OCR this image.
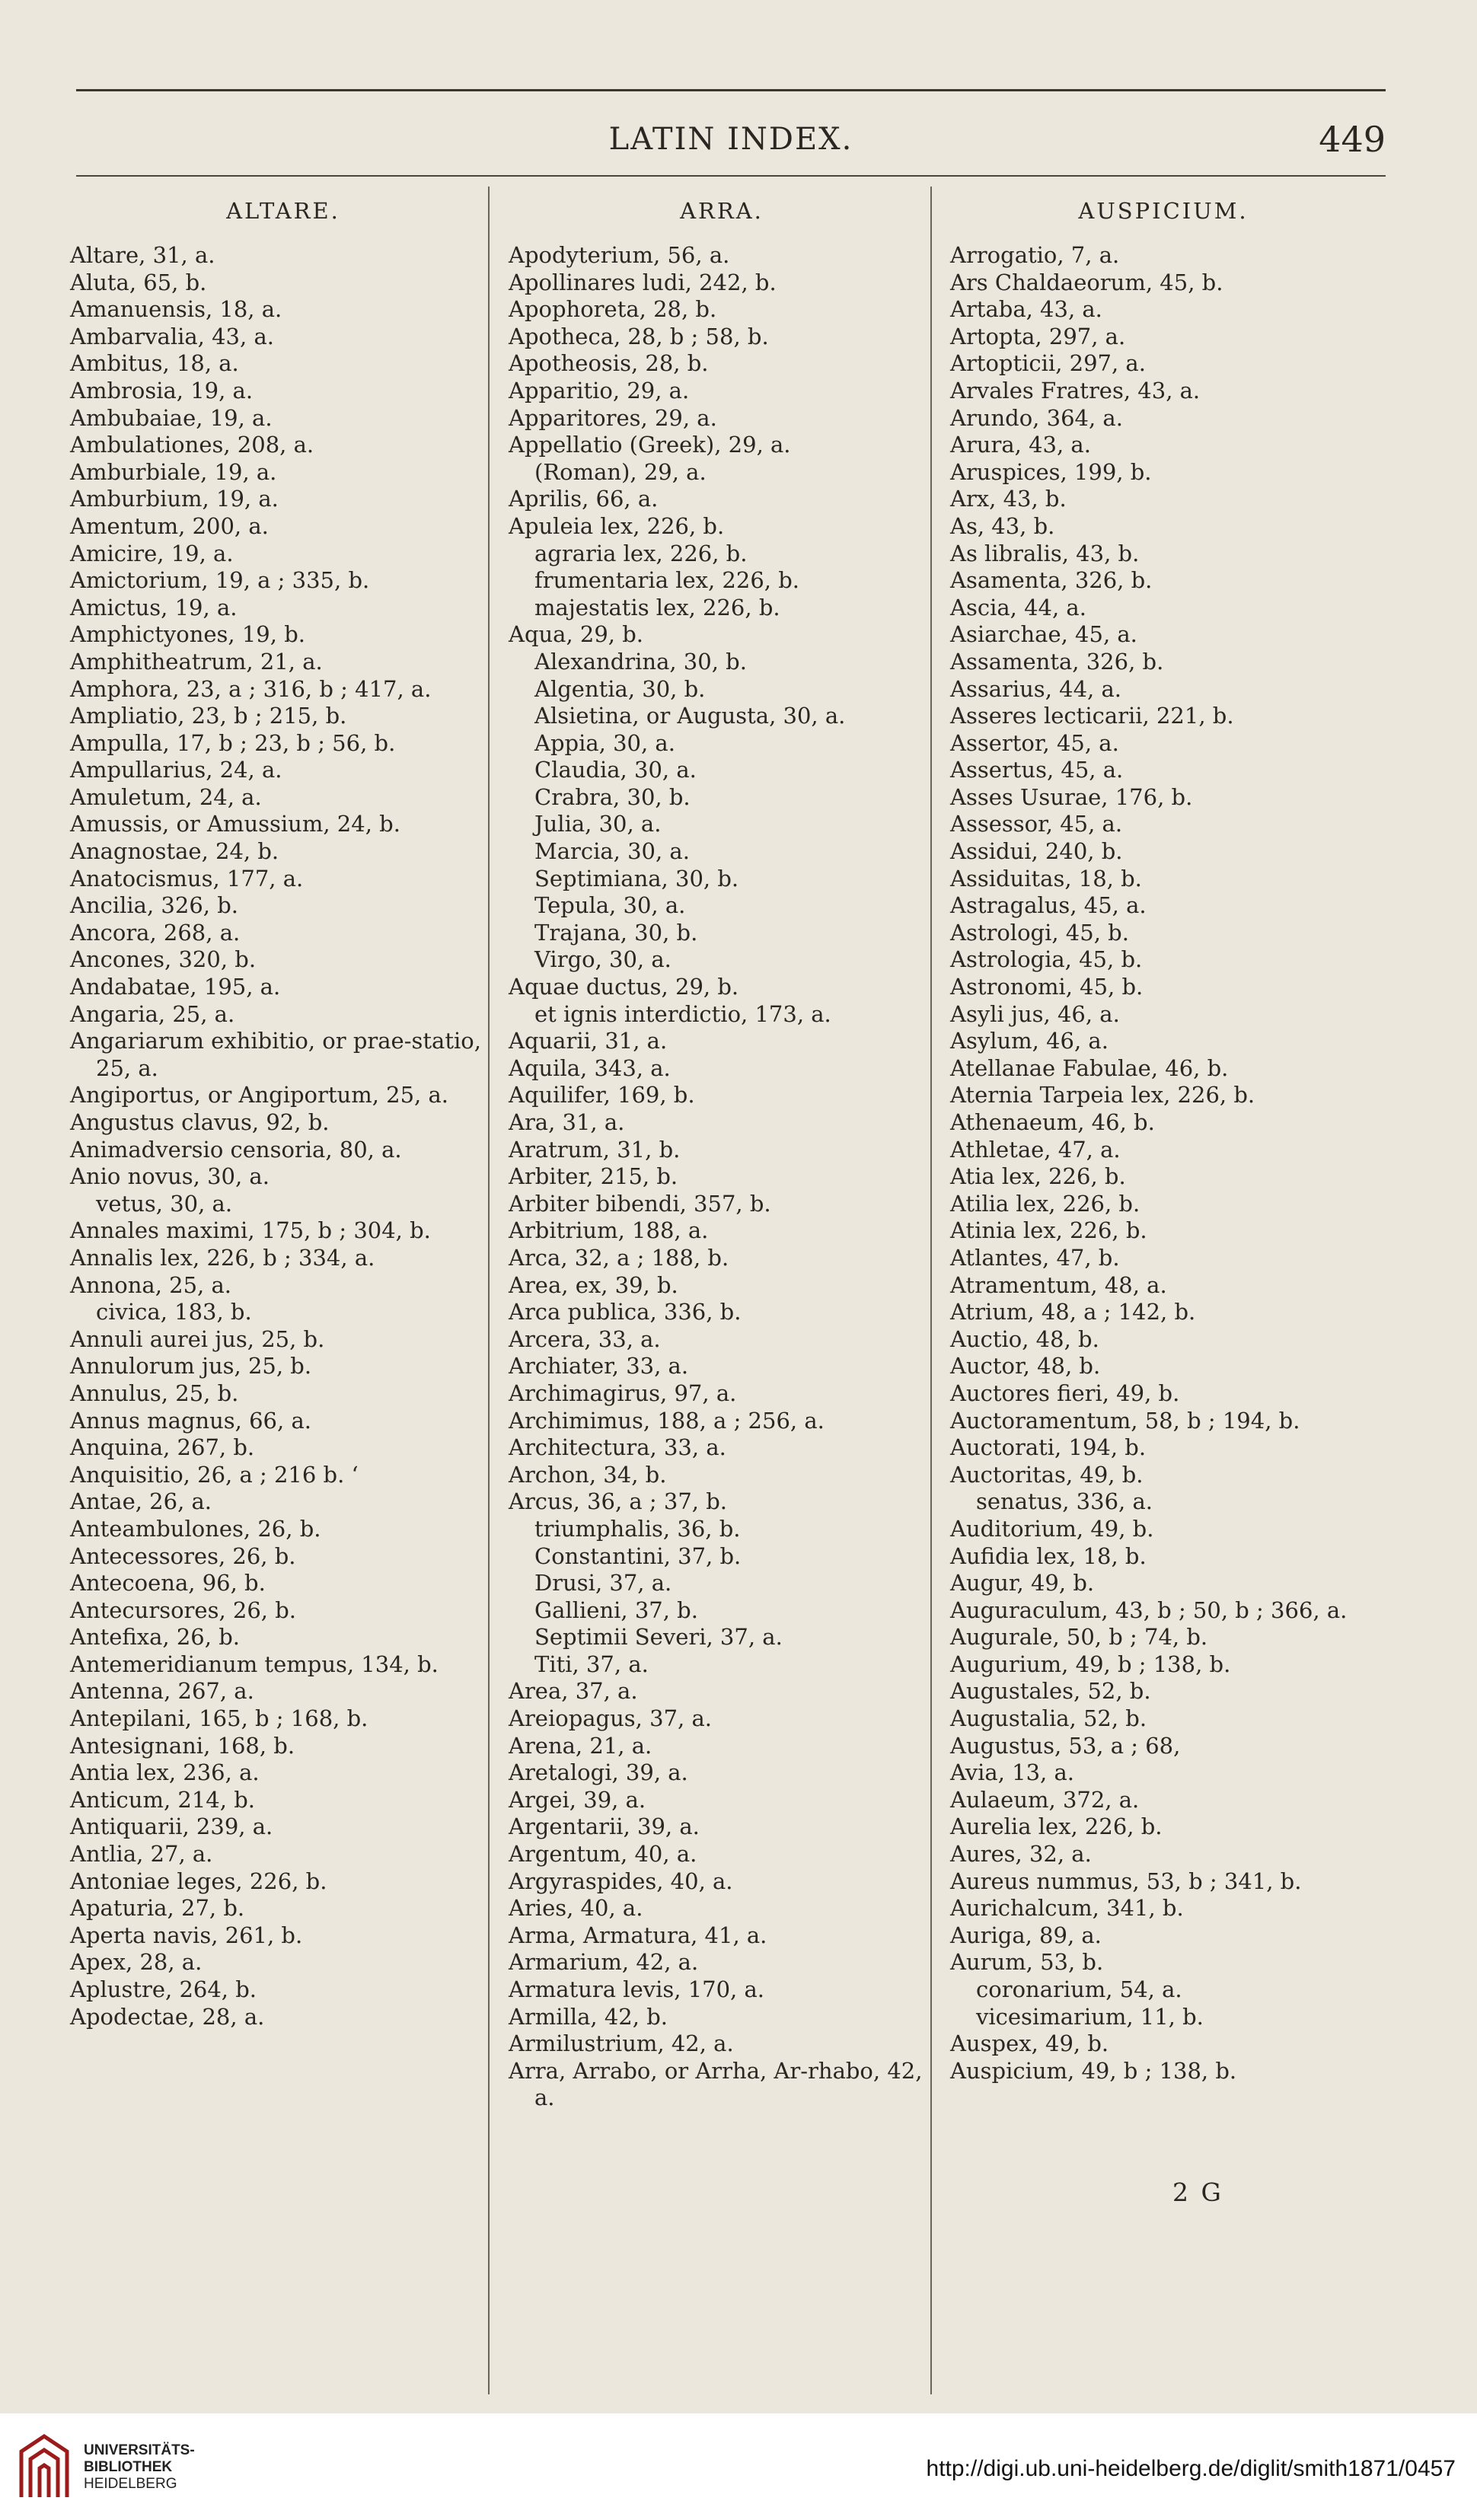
LATIN INDEX.	449
ALTARE.
Altare, 31, a.
Aluta, 65, b.
Amanuensis, 18, a.
Ambarvalia, 43, a.
Ambitus, 18, a.
Ambrosia, 19, a.
Ambubaiae, 19, a.
Ambulationes, 208, a.
Amburbiale, 19, a.
Amburbium, 19, a.
Amentum, 200, a.
Amicire, 19, a.
Amictorium, 19, a ; 335, b.
Amictus, 19, a.
Amphictyones, 19, b.
Amphitheatrum, 21, a.
Amphora, 23, a ; 316, b ; 417, a.
Ampliatio, 23, b ; 215, b.
Ampulla, 17, b ; 23, b ; 56, b.
Ampullarius, 24, a.
Amuletum, 24, a.
Amussis, or Amussium, 24, b.
Anagnostae, 24, b.
Anatocismus, 177, a.
Ancilia, 326, b.
Ancora, 268, a.
Ancones, 320, b.
Andabatae, 195, a.
Angaria, 25, a.
Angariarum exhibitio, or prae-statio, 25, a.
Angiportus, or Angiportum, 25, a.
Angustus clavus, 92, b.
Animadversio censoria, 80, a.
Anio novus, 30, a.
vetus, 30, a.
Annales maximi, 175, b ; 304, b.
Annalis lex, 226, b ; 334, a.
Annona, 25, a.
civica, 183, b.
Annuli aurei jus, 25, b.
Annulorum jus, 25, b.
Annulus, 25, b.
Annus magnus, 66, a.
Anquina, 267, b.
Anquisitio, 26, a ; 216 b. ‘
Antae, 26, a.
Anteambulones, 26, b.
Antecessores, 26, b.
Antecoena, 96, b.
Antecursores, 26, b.
Antefixa, 26, b.
Antemeridianum tempus, 134, b.
Antenna, 267, a.
Antepilani, 165, b ; 168, b.
Antesignani, 168, b.
Antia lex, 236, a.
Anticum, 214, b.
Antiquarii, 239, a.
Antlia, 27, a.
Antoniae leges, 226, b.
Apaturia, 27, b.
Aperta navis, 261, b.
Apex, 28, a.
Aplustre, 264, b.
Apodectae, 28, a.
ARRA.
Apodyterium, 56, a.
Apollinares ludi, 242, b.
Apophoreta, 28, b.
Apotheca, 28, b ; 58, b.
Apotheosis, 28, b.
Apparitio, 29, a.
Apparitores, 29, a.
Appellatio (Greek), 29, a.
(Roman), 29, a.
Aprilis, 66, a.
Apuleia lex, 226, b.
agraria lex, 226, b.
frumentaria lex, 226, b.
majestatis lex, 226, b.
Aqua, 29, b.
Alexandrina, 30, b.
Algentia, 30, b.
Alsietina, or Augusta, 30, a.
Appia, 30, a.
Claudia, 30, a.
Crabra, 30, b.
Julia, 30, a.
Marcia, 30, a.
Septimiana, 30, b.
Tepula, 30, a.
Trajana, 30, b.
Virgo, 30, a.
Aquae ductus, 29, b.
et ignis interdictio, 173, a.
Aquarii, 31, a.
Aquila, 343, a.
Aquilifer, 169, b.
Ara, 31, a.
Aratrum, 31, b.
Arbiter, 215, b.
Arbiter bibendi, 357, b.
Arbitrium, 188, a.
Arca, 32, a ; 188, b.
Area, ex, 39, b.
Arca publica, 336, b.
Arcera, 33, a.
Archiater, 33, a.
Archimagirus, 97, a.
Archimimus, 188, a ; 256, a.
Architectura, 33, a.
Archon, 34, b.
Arcus, 36, a ; 37, b.
triumphalis, 36, b.
Constantini, 37, b.
Drusi, 37, a.
Gallieni, 37, b.
Septimii Severi, 37, a.
Titi, 37, a.
Area, 37, a.
Areiopagus, 37, a.
Arena, 21, a.
Aretalogi, 39, a.
Argei, 39, a.
Argentarii, 39, a.
Argentum, 40, a.
Argyraspides, 40, a.
Aries, 40, a.
Arma, Armatura, 41, a.
Armarium, 42, a.
Armatura levis, 170, a.
Armilla, 42, b.
Armilustrium, 42, a.
Arra, Arrabo, or Arrha, Ar-rhabo, 42, a.
AUSPICIUM.
Arrogatio, 7, a.
Ars Chaldaeorum, 45, b.
Artaba, 43, a.
Artopta, 297, a.
Artopticii, 297, a.
Arvales Fratres, 43, a.
Arundo, 364, a.
Arura, 43, a.
Aruspices, 199, b.
Arx, 43, b.
As, 43, b.
As libralis, 43, b.
Asamenta, 326, b.
Ascia, 44, a.
Asiarchae, 45, a.
Assamenta, 326, b.
Assarius, 44, a.
Asseres lecticarii, 221, b.
Assertor, 45, a.
Assertus, 45, a.
Asses Usurae, 176, b.
Assessor, 45, a.
Assidui, 240, b.
Assiduitas, 18, b.
Astragalus, 45, a.
Astrologi, 45, b.
Astrologia, 45, b.
Astronomi, 45, b.
Asyli jus, 46, a.
Asylum, 46, a.
Atellanae Fabulae, 46, b.
Aternia Tarpeia lex, 226, b.
Athenaeum, 46, b.
Athletae, 47, a.
Atia lex, 226, b.
Atilia lex, 226, b.
Atinia lex, 226, b.
Atlantes, 47, b.
Atramentum, 48, a.
Atrium, 48, a ; 142, b.
Auctio, 48, b.
Auctor, 48, b.
Auctores fieri, 49, b.
Auctoramentum, 58, b ; 194, b.
Auctorati, 194, b.
Auctoritas, 49, b.
senatus, 336, a.
Auditorium, 49, b.
Aufidia lex, 18, b.
Augur, 49, b.
Auguraculum, 43, b ; 50, b ; 366, a.
Augurale, 50, b ; 74, b.
Augurium, 49, b ; 138, b.
Augustales, 52, b.
Augustalia, 52, b.
Augustus, 53, a ; 68,
Avia, 13, a.
Aulaeum, 372, a.
Aurelia lex, 226, b.
Aures, 32, a.
Aureus nummus, 53, b ; 341, b.
Aurichalcum, 341, b.
Auriga, 89, a.
Aurum, 53, b.
coronarium, 54, a.
vicesimarium, 11, b.
Auspex, 49, b.
Auspicium, 49, b ; 138, b.
2 G
UNIVERSITÄTS-
BIBLIOTHEK
HEIDELBERG
http://digi.ub.uni-heidelberg.de/diglit/smith1871/0457
